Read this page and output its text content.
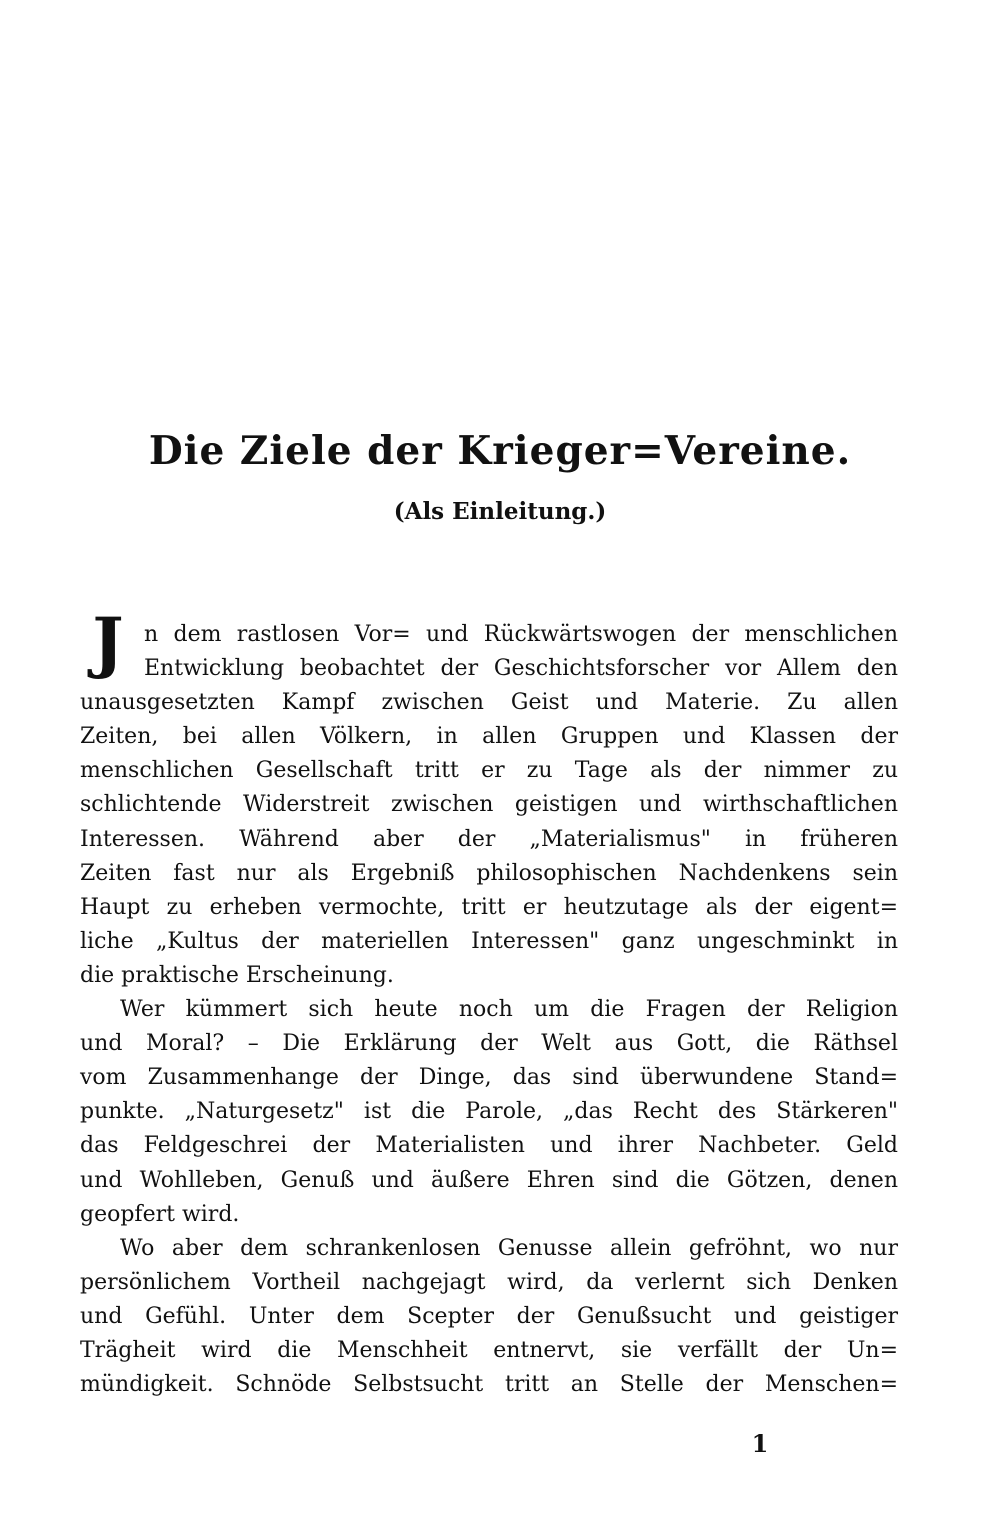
Die Ziele der Krieger=Vereine.
(Als Einleitung.)
J n dem rastlosen Vor= und Rückwärtswogen der menschlichen
Entwicklung beobachtet der Geschichtsforscher vor Allem den
unausgesetzten Kampf zwischen Geist und Materie. Zu allen
Zeiten, bei allen Völkern, in allen Gruppen und Klassen der
menschlichen Gesellschaft tritt er zu Tage als der nimmer zu
schlichtende Widerstreit zwischen geistigen und wirthschaftlichen
Interessen. Während aber der „Materialismus" in früheren
Zeiten fast nur als Ergebniß philosophischen Nachdenkens sein
Haupt zu erheben vermochte, tritt er heutzutage als der eigent=
liche „Kultus der materiellen Interessen" ganz ungeschminkt in
die praktische Erscheinung.
Wer kümmert sich heute noch um die Fragen der Religion
und Moral? – Die Erklärung der Welt aus Gott, die Räthsel
vom Zusammenhange der Dinge, das sind überwundene Stand=
punkte. „Naturgesetz" ist die Parole, „das Recht des Stärkeren"
das Feldgeschrei der Materialisten und ihrer Nachbeter. Geld
und Wohlleben, Genuß und äußere Ehren sind die Götzen, denen
geopfert wird.
Wo aber dem schrankenlosen Genusse allein gefröhnt, wo nur
persönlichem Vortheil nachgejagt wird, da verlernt sich Denken
und Gefühl. Unter dem Scepter der Genußsucht und geistiger
Trägheit wird die Menschheit entnervt, sie verfällt der Un=
mündigkeit. Schnöde Selbstsucht tritt an Stelle der Menschen=
1
